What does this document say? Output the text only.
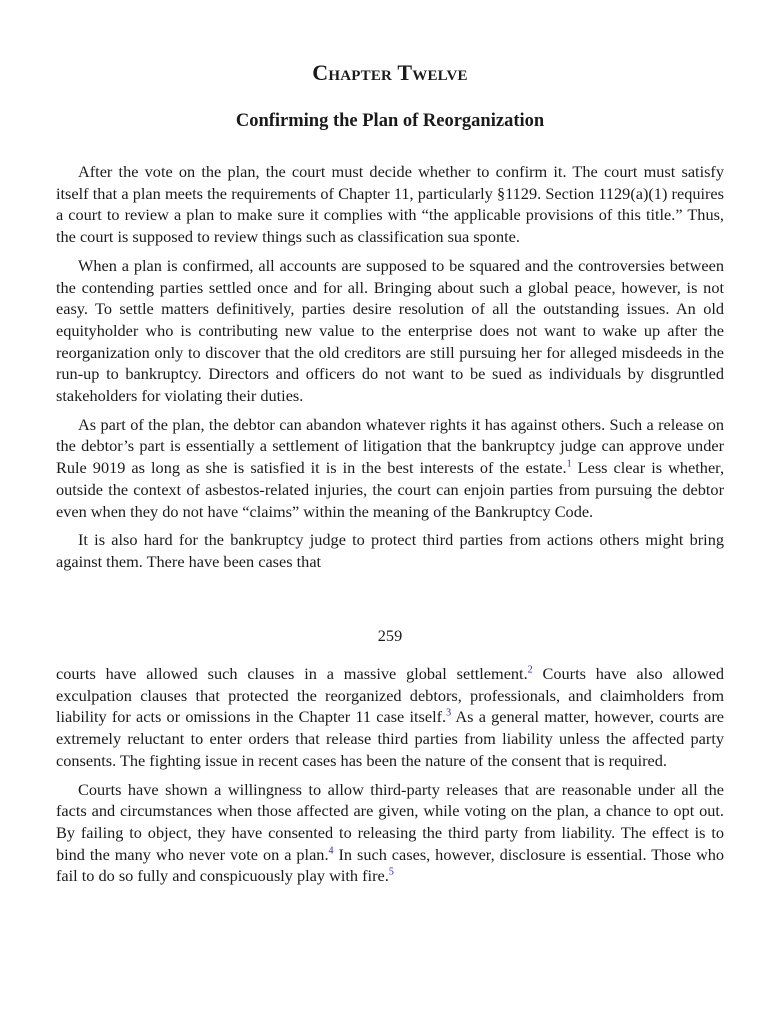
Chapter Twelve
Confirming the Plan of Reorganization

After the vote on the plan, the court must decide whether to confirm it. The court must satisfy itself that a plan meets the requirements of Chapter 11, particularly §1129. Section 1129(a)(1) requires a court to review a plan to make sure it complies with “the applicable provisions of this title.” Thus, the court is supposed to review things such as classification sua sponte.

When a plan is confirmed, all accounts are supposed to be squared and the controversies between the contending parties settled once and for all. Bringing about such a global peace, however, is not easy. To settle matters definitively, parties desire resolution of all the outstanding issues. An old equityholder who is contributing new value to the enterprise does not want to wake up after the reorganization only to discover that the old creditors are still pursuing her for alleged misdeeds in the run-up to bankruptcy. Directors and officers do not want to be sued as individuals by disgruntled stakeholders for violating their duties.

As part of the plan, the debtor can abandon whatever rights it has against others. Such a release on the debtor’s part is essentially a settlement of litigation that the bankruptcy judge can approve under Rule 9019 as long as she is satisfied it is in the best interests of the estate.$^1$ Less clear is whether, outside the context of asbestos-related injuries, the court can enjoin parties from pursuing the debtor even when they do not have “claims” within the meaning of the Bankruptcy Code.

It is also hard for the bankruptcy judge to protect third parties from actions others might bring against them. There have been cases that

259

courts have allowed such clauses in a massive global settlement.$^2$ Courts have also allowed exculpation clauses that protected the reorganized debtors, professionals, and claimholders from liability for acts or omissions in the Chapter 11 case itself.$^3$ As a general matter, however, courts are extremely reluctant to enter orders that release third parties from liability unless the affected party consents. The fighting issue in recent cases has been the nature of the consent that is required.

Courts have shown a willingness to allow third-party releases that are reasonable under all the facts and circumstances when those affected are given, while voting on the plan, a chance to opt out. By failing to object, they have consented to releasing the third party from liability. The effect is to bind the many who never vote on a plan.$^4$ In such cases, however, disclosure is essential. Those who fail to do so fully and conspicuously play with fire.$^5$
